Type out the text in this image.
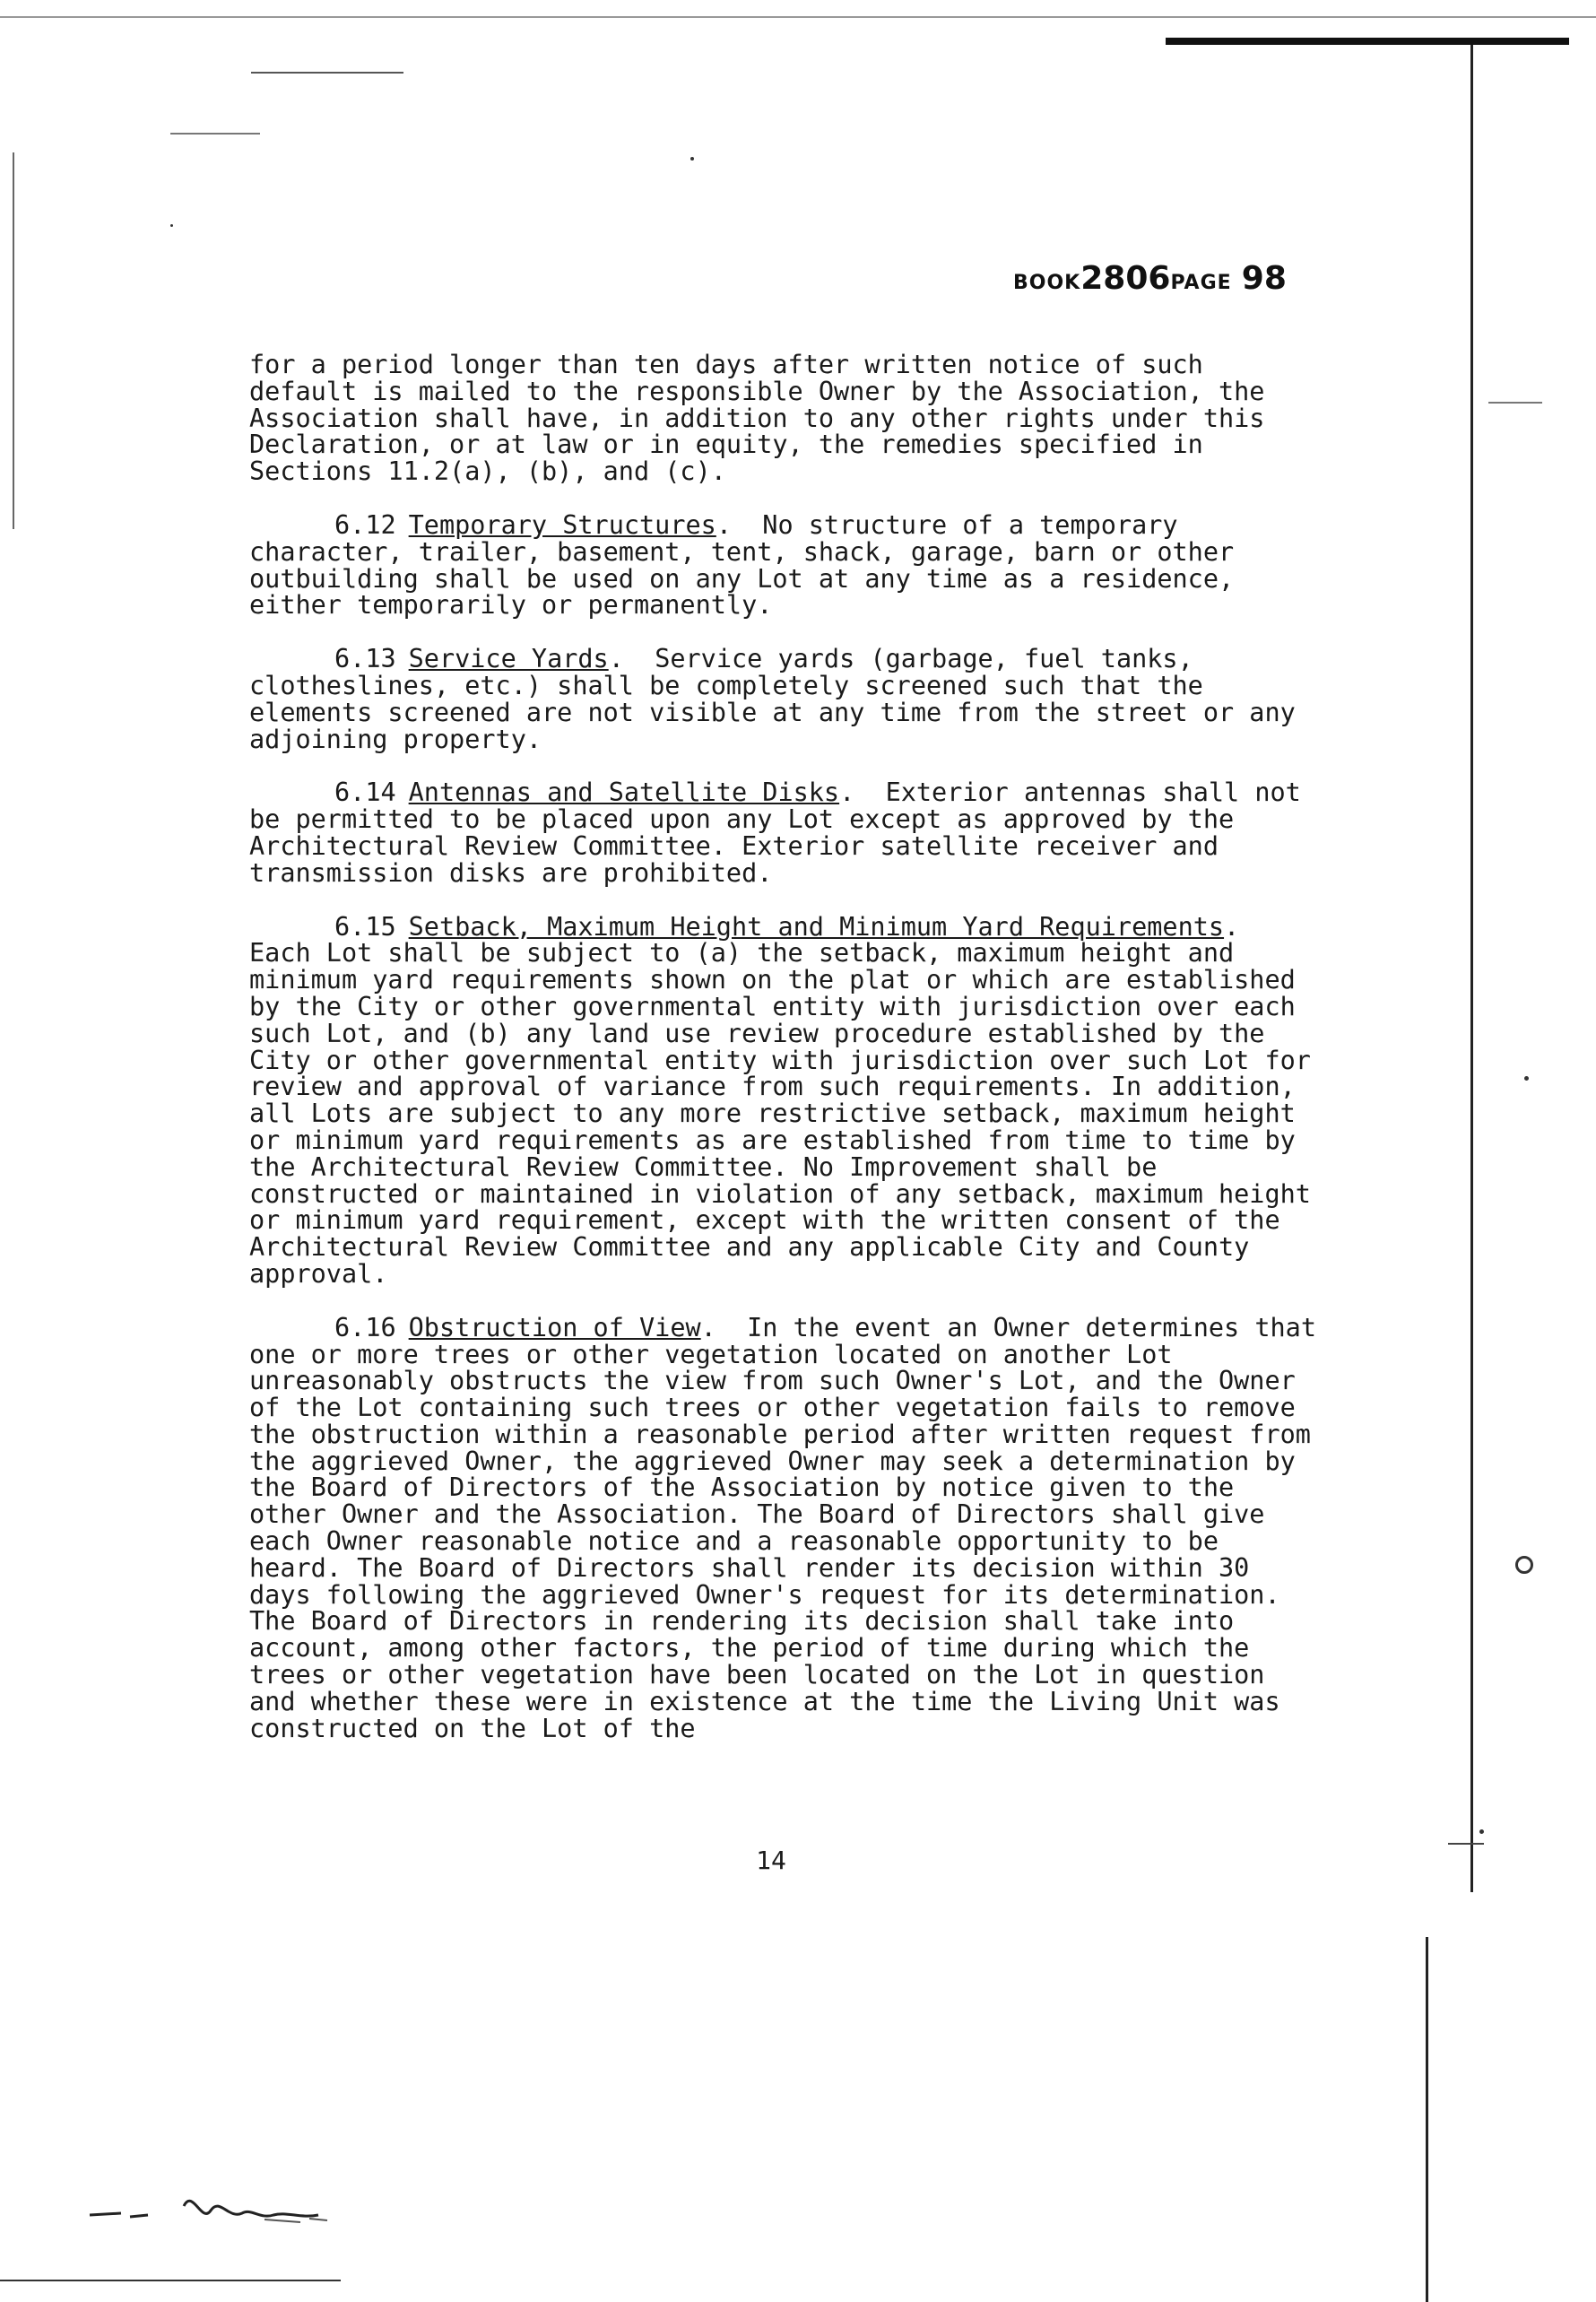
BOOK2806PAGE 98

for a period longer than ten days after written notice of such default is mailed to the responsible Owner by the Association, the Association shall have, in addition to any other rights under this Declaration, or at law or in equity, the remedies specified in Sections 11.2(a), (b), and (c).

6.12 Temporary Structures.  No structure of a temporary character, trailer, basement, tent, shack, garage, barn or other outbuilding shall be used on any Lot at any time as a residence, either temporarily or permanently.

6.13 Service Yards.  Service yards (garbage, fuel tanks, clotheslines, etc.) shall be completely screened such that the elements screened are not visible at any time from the street or any adjoining property.

6.14 Antennas and Satellite Disks.  Exterior antennas shall not be permitted to be placed upon any Lot except as approved by the Architectural Review Committee. Exterior satellite receiver and transmission disks are prohibited.

6.15 Setback, Maximum Height and Minimum Yard Requirements.  Each Lot shall be subject to (a) the setback, maximum height and minimum yard requirements shown on the plat or which are established by the City or other governmental entity with jurisdiction over each such Lot, and (b) any land use review procedure established by the City or other governmental entity with jurisdiction over such Lot for review and approval of variance from such requirements. In addition, all Lots are subject to any more restrictive setback, maximum height or minimum yard requirements as are established from time to time by the Architectural Review Committee. No Improvement shall be constructed or maintained in violation of any setback, maximum height or minimum yard requirement, except with the written consent of the Architectural Review Committee and any applicable City and County approval.

6.16 Obstruction of View.  In the event an Owner determines that one or more trees or other vegetation located on another Lot unreasonably obstructs the view from such Owner's Lot, and the Owner of the Lot containing such trees or other vegetation fails to remove the obstruction within a reasonable period after written request from the aggrieved Owner, the aggrieved Owner may seek a determination by the Board of Directors of the Association by notice given to the other Owner and the Association. The Board of Directors shall give each Owner reasonable notice and a reasonable opportunity to be heard. The Board of Directors shall render its decision within 30 days following the aggrieved Owner's request for its determination. The Board of Directors in rendering its decision shall take into account, among other factors, the period of time during which the trees or other vegetation have been located on the Lot in question and whether these were in existence at the time the Living Unit was constructed on the Lot of the

14
